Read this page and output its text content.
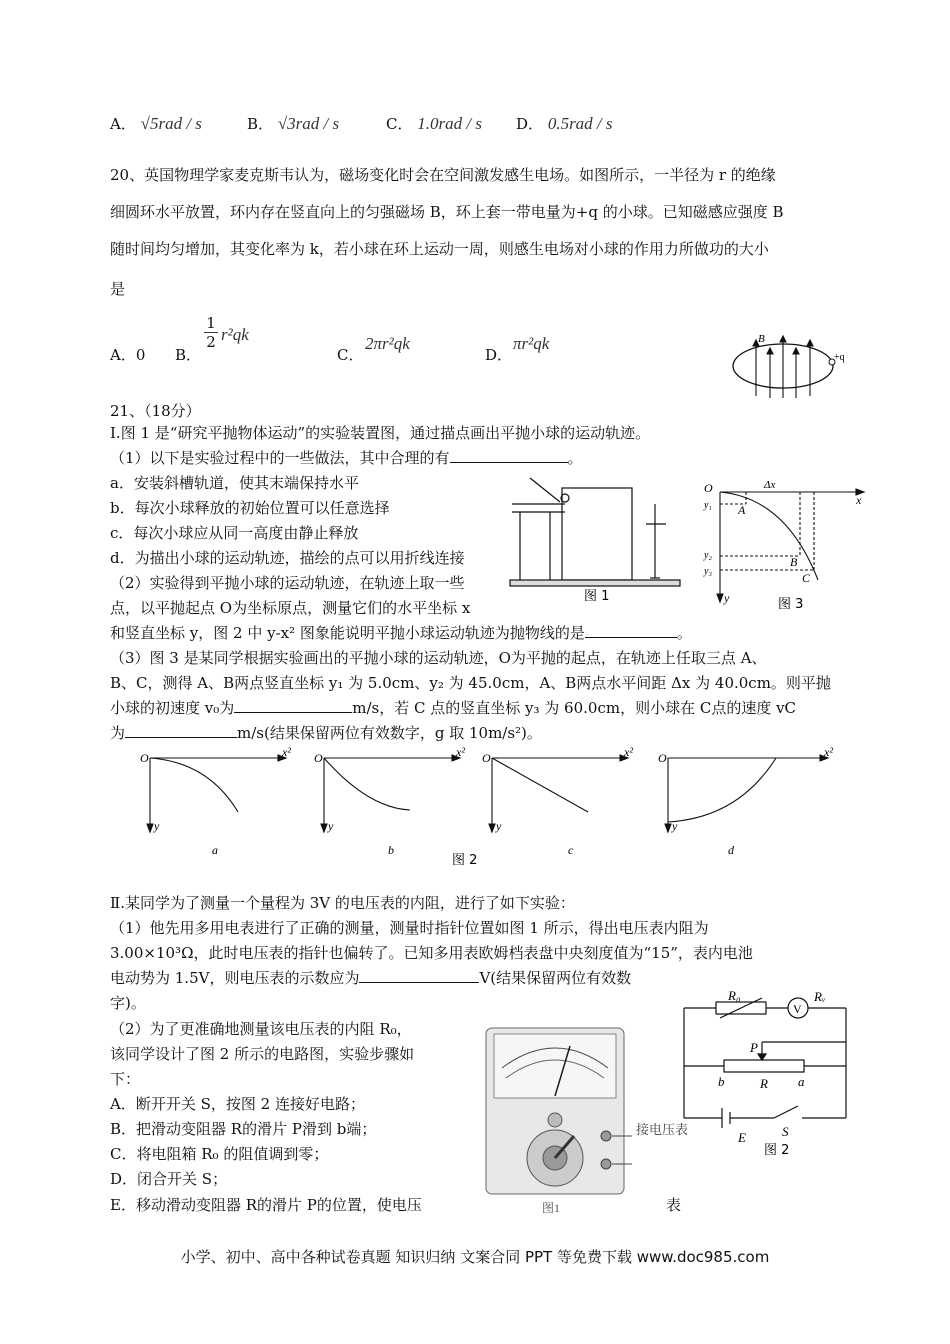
A． √5rad / s	B． √3rad / s	C． 1.0rad / s D． 0.5rad / s
20、英国物理学家麦克斯韦认为，磁场变化时会在空间激发感生电场。如图所示，一半径为 r 的绝缘
细圆环水平放置，环内存在竖直向上的匀强磁场 B，环上套一带电量为+q 的小球。已知磁感应强度 B
随时间均匀增加，其变化率为 k，若小球在环上运动一周，则感生电场对小球的作用力所做功的大小
是
A．0 B．
$\frac{1}{2} r^2qk$
C．
2πr²qk
D．
πr²qk	B
+q
21、（18分）
I.图 1 是“研究平抛物体运动”的实验装置图，通过描点画出平抛小球的运动轨迹。
（1）以下是实验过程中的一些做法，其中合理的有	。
a．安装斜槽轨道，使其末端保持水平
b．每次小球释放的初始位置可以任意选择
c．每次小球应从同一高度由静止释放
d．为描出小球的运动轨迹，描绘的点可以用折线连接
（2）实验得到平抛小球的运动轨迹，在轨迹上取一些
点，以平抛起点 O为坐标原点，测量它们的水平坐标 x
和竖直坐标 y，图 2 中 y-x² 图象能说明平抛小球运动轨迹为抛物线的是	。
（3）图 3 是某同学根据实验画出的平抛小球的运动轨迹，O为平抛的起点，在轨迹上任取三点 A、
B、C，测得 A、B两点竖直坐标 y₁ 为 5.0cm、y₂ 为 45.0cm，A、B两点水平间距 Δx 为 40.0cm。则平抛
小球的初速度 v₀为	m/s，若 C 点的竖直坐标 y₃ 为 60.0cm，则小球在 C点的速度 vC
为	m/s(结果保留两位有效数字，g 取 10m/s²)。
图 1
O	Δx
x
y
y₁
y₂
y₃
A
B
C
图 3
O	x²
y
O	x²
y
O	x²
y
O	x²
y
a	b	c	d
图 2
Ⅱ.某同学为了测量一个量程为 3V 的电压表的内阻，进行了如下实验：
（1）他先用多用电表进行了正确的测量，测量时指针位置如图 1 所示，得出电压表内阻为
3.00×10³Ω，此时电压表的指针也偏转了。已知多用表欧姆档表盘中央刻度值为“15”，表内电池
电动势为 1.5V，则电压表的示数应为	V(结果保留两位有效数
字)。
（2）为了更准确地测量该电压表的内阻 R₀，
该同学设计了图 2 所示的电路图，实验步骤如
下：
A．断开开关 S，按图 2 连接好电路；
B．把滑动变阻器 R的滑片 P滑到 b端；
C．将电阻箱 R₀ 的阻值调到零；
D．闭合开关 S；
E．移动滑动变阻器 R的滑片 P的位置，使电压	表
接电压表
图1
R₀
V
Rᵥ
P
b	R a
E	S
图 2
小学、初中、高中各种试卷真题 知识归纳 文案合同 PPT 等免费下载 www.doc985.com
